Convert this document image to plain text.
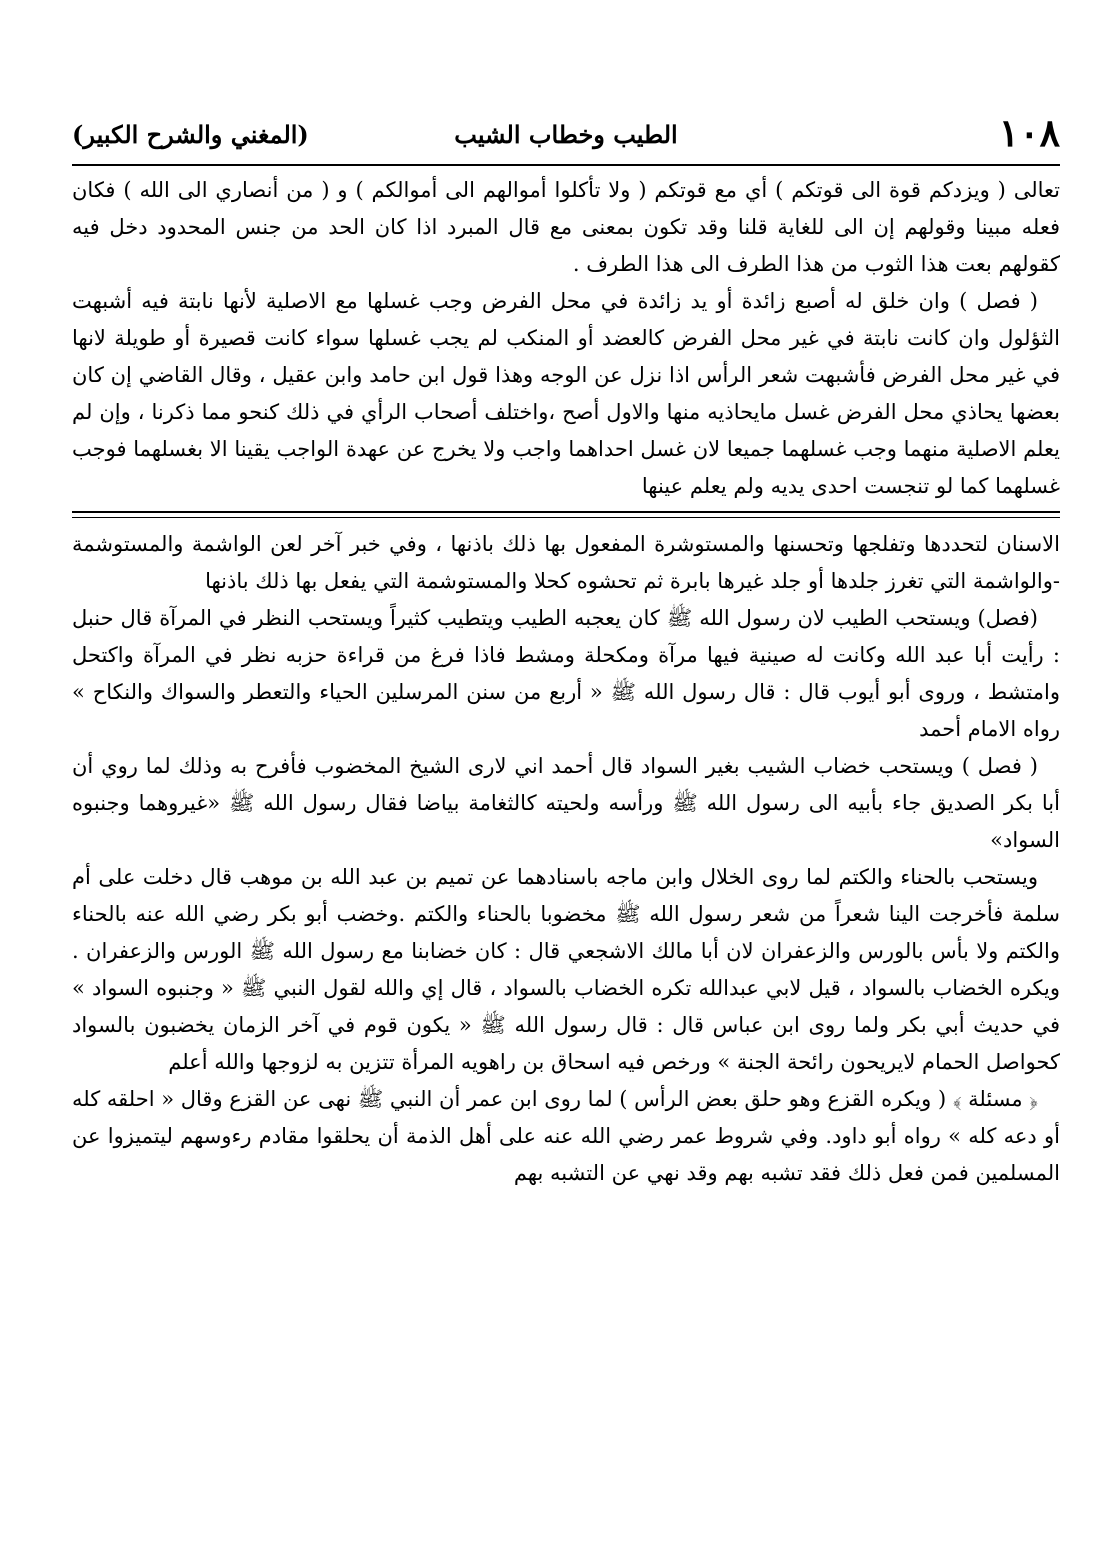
١٠٨
الطيب وخطاب الشيب
(المغني والشرح الكبير)

تعالى ( ويزدكم قوة الى قوتكم ) أي مع قوتكم ( ولا تأكلوا أموالهم الى أموالكم ) و ( من أنصاري الى الله ) فكان فعله مبينا وقولهم إن الى للغاية قلنا وقد تكون بمعنى مع قال المبرد اذا كان الحد من جنس المحدود دخل فيه كقولهم بعت هذا الثوب من هذا الطرف الى هذا الطرف .

( فصل ) وان خلق له أصبع زائدة أو يد زائدة في محل الفرض وجب غسلها مع الاصلية لأنها نابتة فيه أشبهت الثؤلول وان كانت نابتة في غير محل الفرض كالعضد أو المنكب لم يجب غسلها سواء كانت قصيرة أو طويلة لانها في غير محل الفرض فأشبهت شعر الرأس اذا نزل عن الوجه وهذا قول ابن حامد وابن عقيل ، وقال القاضي إن كان بعضها يحاذي محل الفرض غسل مايحاذيه منها والاول أصح ،واختلف أصحاب الرأي في ذلك كنحو مما ذكرنا ، وإن لم يعلم الاصلية منهما وجب غسلهما جميعا لان غسل احداهما واجب ولا يخرج عن عهدة الواجب يقينا الا بغسلهما فوجب غسلهما كما لو تنجست احدى يديه ولم يعلم عينها

الاسنان لتحددها وتفلجها وتحسنها والمستوشرة المفعول بها ذلك باذنها ، وفي خبر آخر لعن الواشمة والمستوشمة -والواشمة التي تغرز جلدها أو جلد غيرها بابرة ثم تحشوه كحلا والمستوشمة التي يفعل بها ذلك باذنها

(فصل) ويستحب الطيب لان رسول الله ﷺ كان يعجبه الطيب ويتطيب كثيراً ويستحب النظر في المرآة قال حنبل : رأيت أبا عبد الله وكانت له صينية فيها مرآة ومكحلة ومشط فاذا فرغ من قراءة حزبه نظر في المرآة واكتحل وامتشط ، وروى أبو أيوب قال : قال رسول الله ﷺ « أربع من سنن المرسلين الحياء والتعطر والسواك والنكاح » رواه الامام أحمد

( فصل ) ويستحب خضاب الشيب بغير السواد قال أحمد اني لارى الشيخ المخضوب فأفرح به وذلك لما روي أن أبا بكر الصديق جاء بأبيه الى رسول الله ﷺ ورأسه ولحيته كالثغامة بياضا فقال رسول الله ﷺ «غيروهما وجنبوه السواد»

ويستحب بالحناء والكتم لما روى الخلال وابن ماجه باسنادهما عن تميم بن عبد الله بن موهب قال دخلت على أم سلمة فأخرجت الينا شعراً من شعر رسول الله ﷺ مخضوبا بالحناء والكتم .وخضب أبو بكر رضي الله عنه بالحناء والكتم ولا بأس بالورس والزعفران لان أبا مالك الاشجعي قال : كان خضابنا مع رسول الله ﷺ الورس والزعفران . ويكره الخضاب بالسواد ، قيل لابي عبدالله تكره الخضاب بالسواد ، قال إي والله لقول النبي ﷺ « وجنبوه السواد » في حديث أبي بكر ولما روى ابن عباس قال : قال رسول الله ﷺ « يكون قوم في آخر الزمان يخضبون بالسواد كحواصل الحمام لايريحون رائحة الجنة » ورخص فيه اسحاق بن راهويه المرأة تتزين به لزوجها والله أعلم

﴿ مسئلة ﴾ ( ويكره القزع وهو حلق بعض الرأس ) لما روى ابن عمر أن النبي ﷺ نهى عن القزع وقال « احلقه كله أو دعه كله » رواه أبو داود. وفي شروط عمر رضي الله عنه على أهل الذمة أن يحلقوا مقادم رءوسهم ليتميزوا عن المسلمين فمن فعل ذلك فقد تشبه بهم وقد نهي عن التشبه بهم
